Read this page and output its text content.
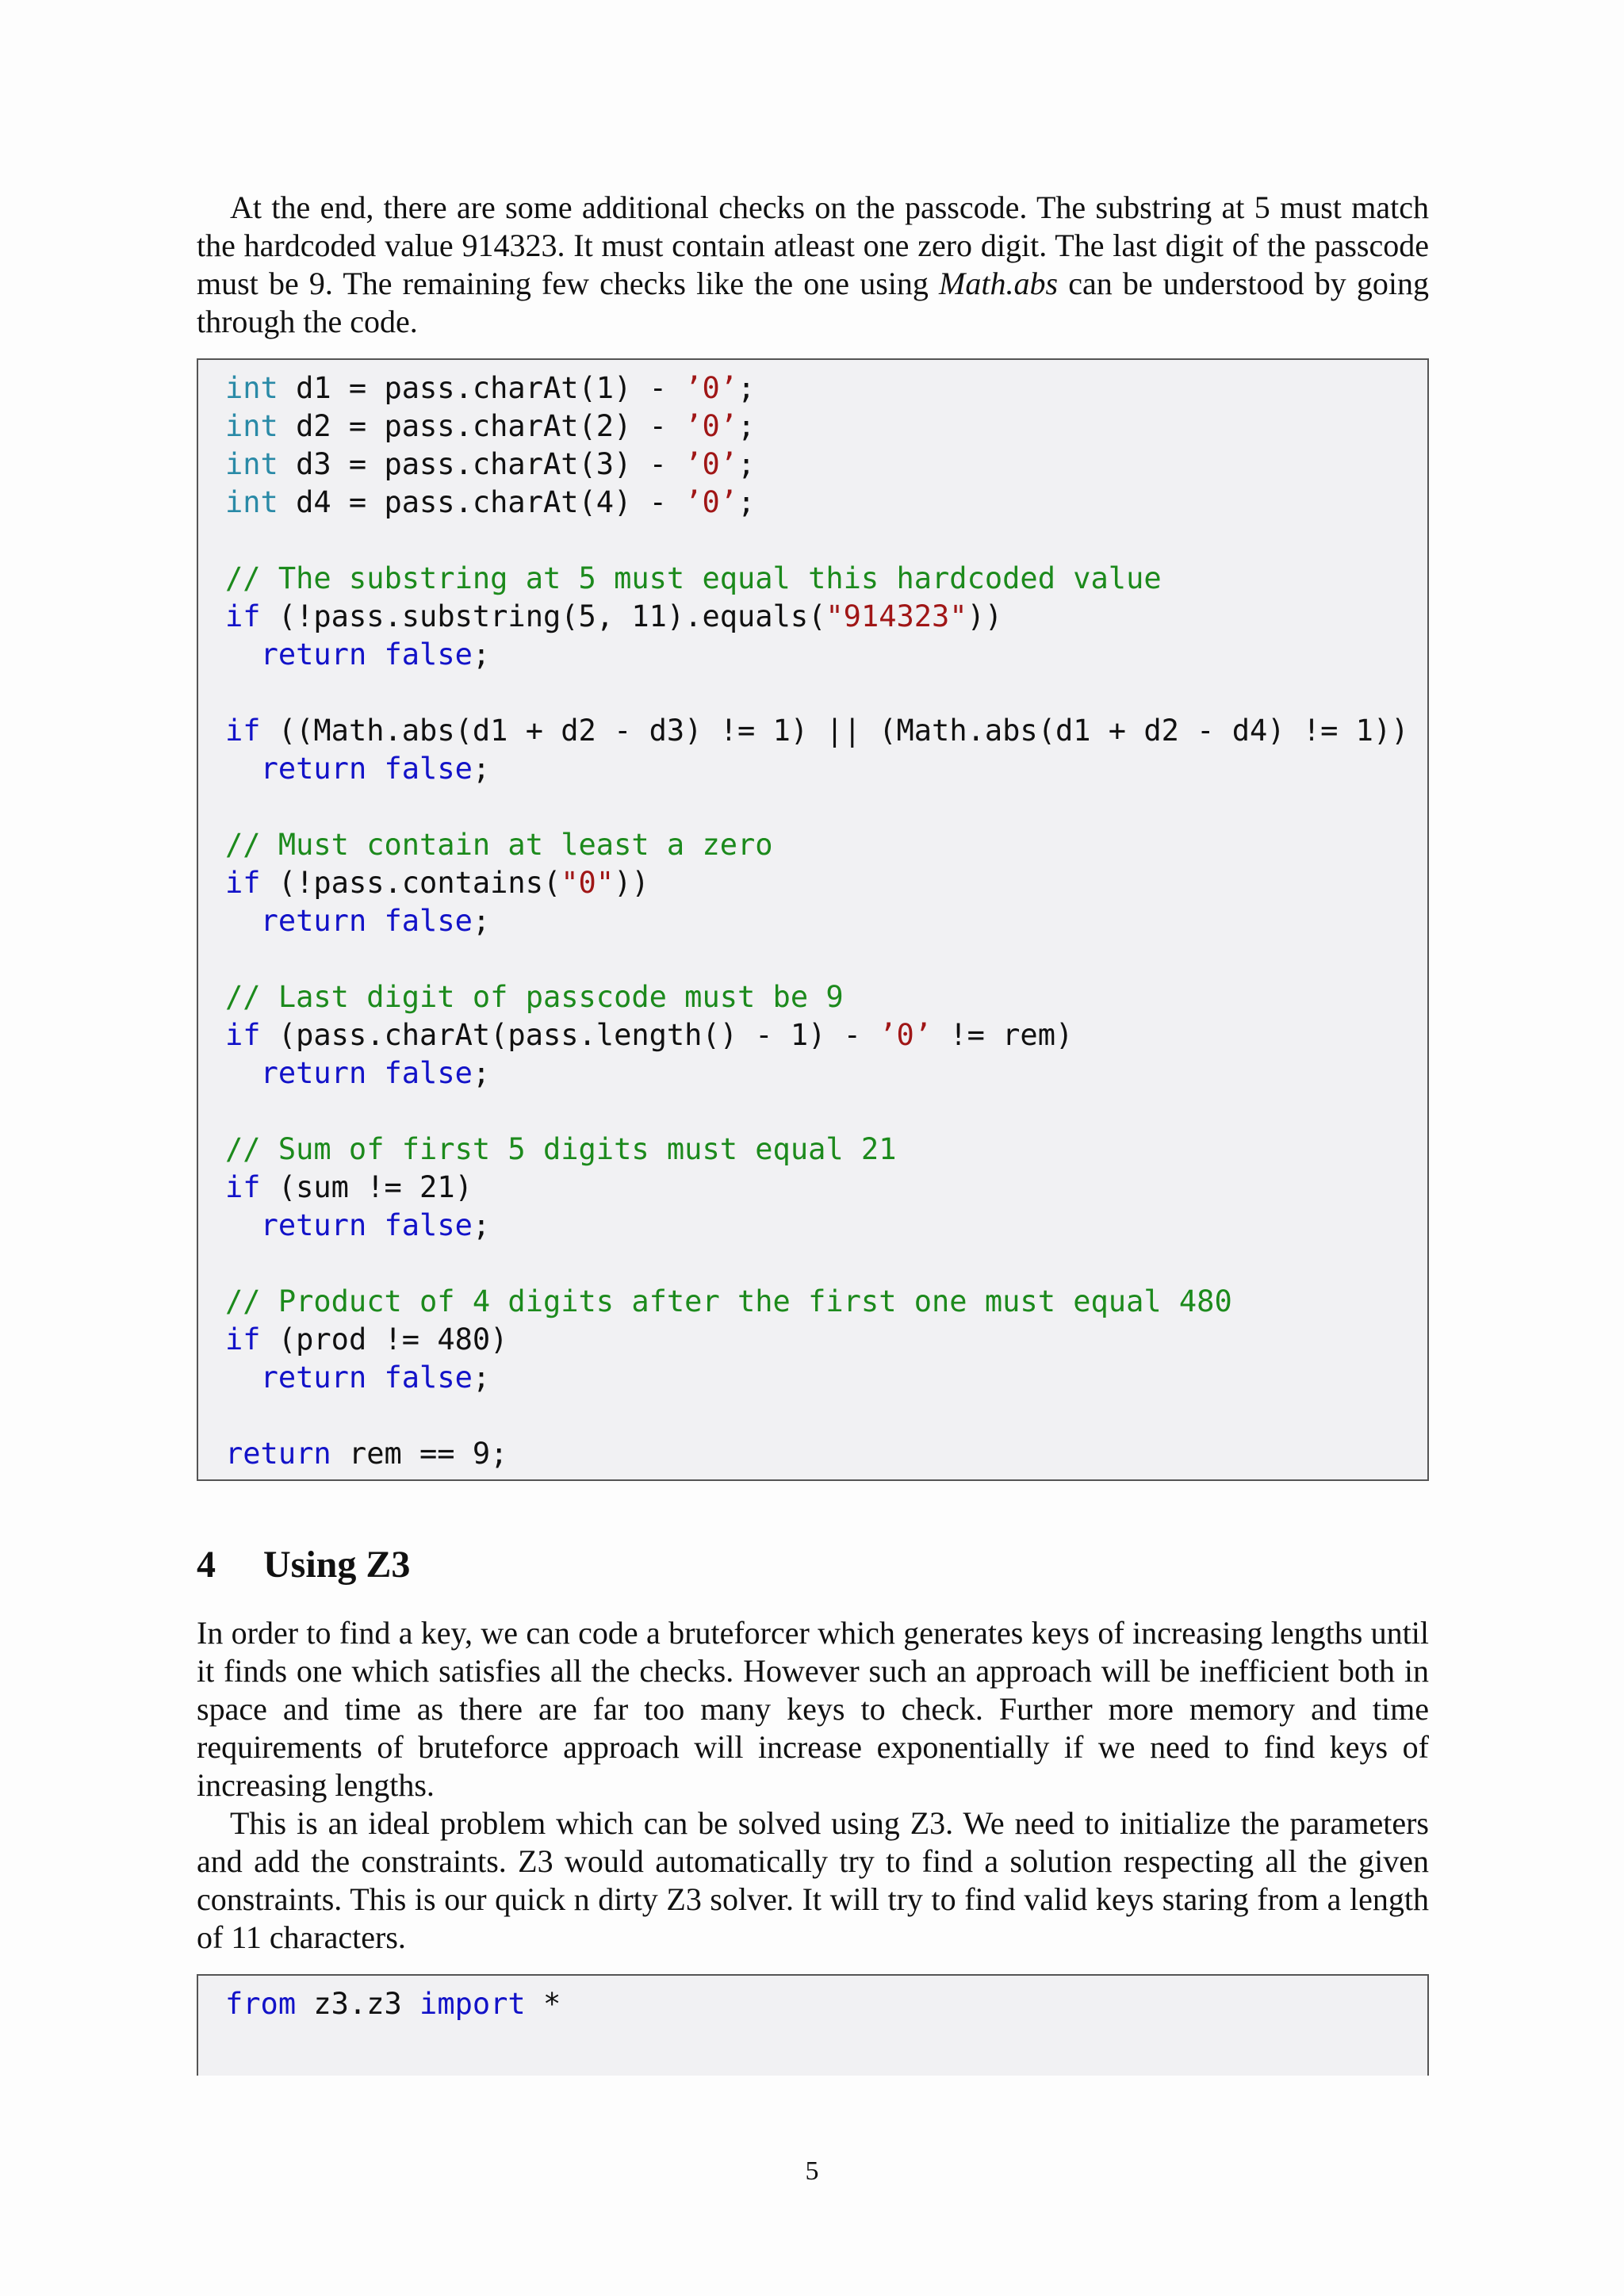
At the end, there are some additional checks on the passcode. The substring at 5 must match the hardcoded value 914323. It must contain atleast one zero digit. The last digit of the passcode must be 9. The remaining few checks like the one using Math.abs can be understood by going through the code.

int d1 = pass.charAt(1) - ’0’;
int d2 = pass.charAt(2) - ’0’;
int d3 = pass.charAt(3) - ’0’;
int d4 = pass.charAt(4) - ’0’;
// The substring at 5 must equal this hardcoded value
if (!pass.substring(5, 11).equals("914323"))
return false;
if ((Math.abs(d1 + d2 - d3) != 1) || (Math.abs(d1 + d2 - d4) != 1))
return false;
// Must contain at least a zero
if (!pass.contains("0"))
return false;
// Last digit of passcode must be 9
if (pass.charAt(pass.length() - 1) - ’0’ != rem)
return false;
// Sum of first 5 digits must equal 21
if (sum != 21)
return false;
// Product of 4 digits after the first one must equal 480
if (prod != 480)
return false;
return rem == 9;
4 Using Z3

In order to find a key, we can code a bruteforcer which generates keys of increasing lengths until it finds one which satisfies all the checks. However such an approach will be inefficient both in space and time as there are far too many keys to check. Further more memory and time requirements of bruteforce approach will increase exponentially if we need to find keys of increasing lengths.

This is an ideal problem which can be solved using Z3. We need to initialize the parameters and add the constraints. Z3 would automatically try to find a solution respecting all the given constraints. This is our quick n dirty Z3 solver. It will try to find valid keys staring from a length of 11 characters.

from z3.z3 import *
5
